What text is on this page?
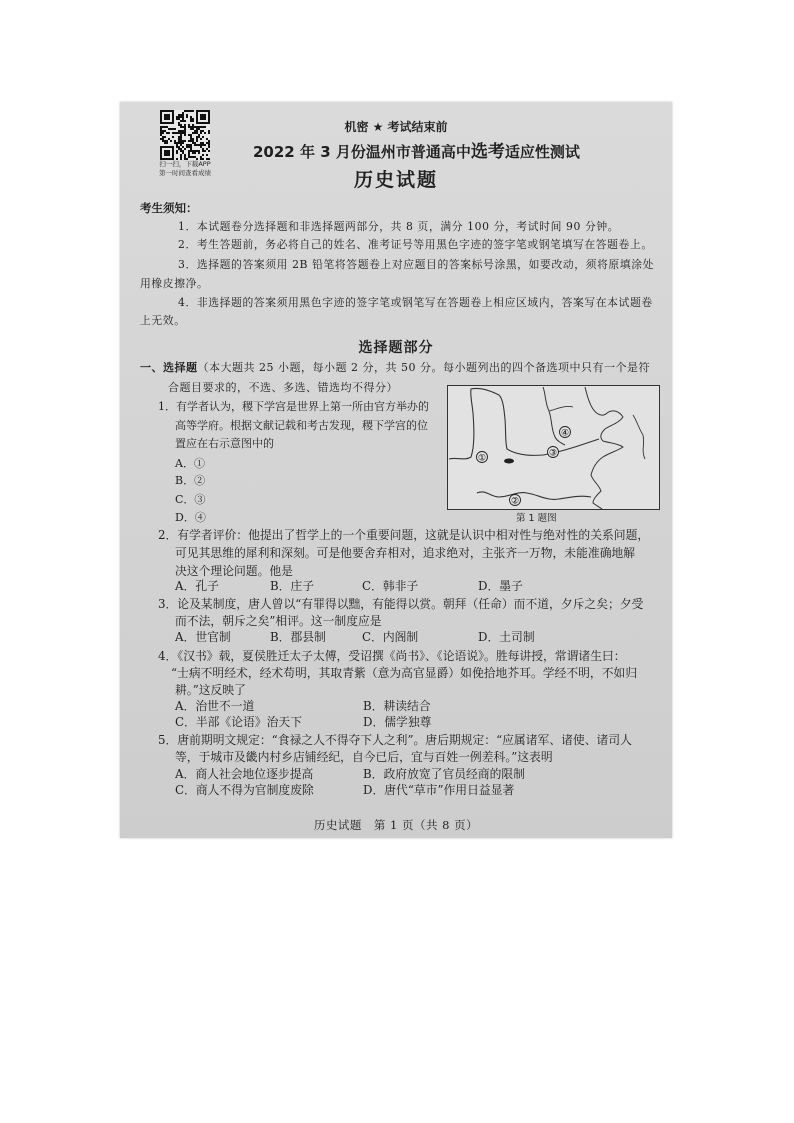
扫一扫，下载APP
第一时间查看成绩
机密 ★ 考试结束前
2022 年 3 月份温州市普通高中选考适应性测试
历史试题
考生须知：
1．本试题卷分选择题和非选择题两部分，共 8 页，满分 100 分，考试时间 90 分钟。
2．考生答题前，务必将自己的姓名、准考证号等用黑色字迹的签字笔或钢笔填写在答题卷上。
3．选择题的答案须用 2B 铅笔将答题卷上对应题目的答案标号涂黑，如要改动，须将原填涂处
用橡皮擦净。
4．非选择题的答案须用黑色字迹的签字笔或钢笔写在答题卷上相应区域内，答案写在本试题卷
上无效。
选择题部分
一、选择题（本大题共 25 小题，每小题 2 分，共 50 分。每小题列出的四个备选项中只有一个是符
合题目要求的，不选、多选、错选均不得分）
1．有学者认为，稷下学宫是世界上第一所由官方举办的
高等学府。根据文献记载和考古发现，稷下学宫的位
置应在右示意图中的
A．①
B．②
C．③
D．④
①
②
③
④
第 1 题图
2．有学者评价：他提出了哲学上的一个重要问题，这就是认识中相对性与绝对性的关系问题，
可见其思维的犀利和深刻。可是他要舍弃相对，追求绝对，主张齐一万物，未能准确地解
决这个理论问题。他是
A．孔子	B．庄子	C．韩非子	D．墨子
3．论及某制度，唐人曾以“有罪得以黜，有能得以赏。朝拜（任命）而不道，夕斥之矣；夕受
而不法，朝斥之矣”相评。这一制度应是
A．世官制	B．郡县制	C．内阁制	D．土司制
4．《汉书》载，夏侯胜迁太子太傅，受诏撰《尚书》、《论语说》。胜每讲授，常谓诸生曰：
“士病不明经术，经术苟明，其取青紫（意为高官显爵）如俛拾地芥耳。学经不明，不如归
耕。”这反映了
A．治世不一道	B．耕读结合
C．半部《论语》治天下	D．儒学独尊
5．唐前期明文规定：“食禄之人不得夺下人之利”。唐后期规定：“应属诸军、诸使、诸司人
等，于城市及畿内村乡店铺经纪，自今已后，宜与百姓一例差科。”这表明
A．商人社会地位逐步提高	B．政府放宽了官员经商的限制
C．商人不得为官制度废除	D．唐代“草市”作用日益显著
历史试题　第 1 页（共 8 页）
